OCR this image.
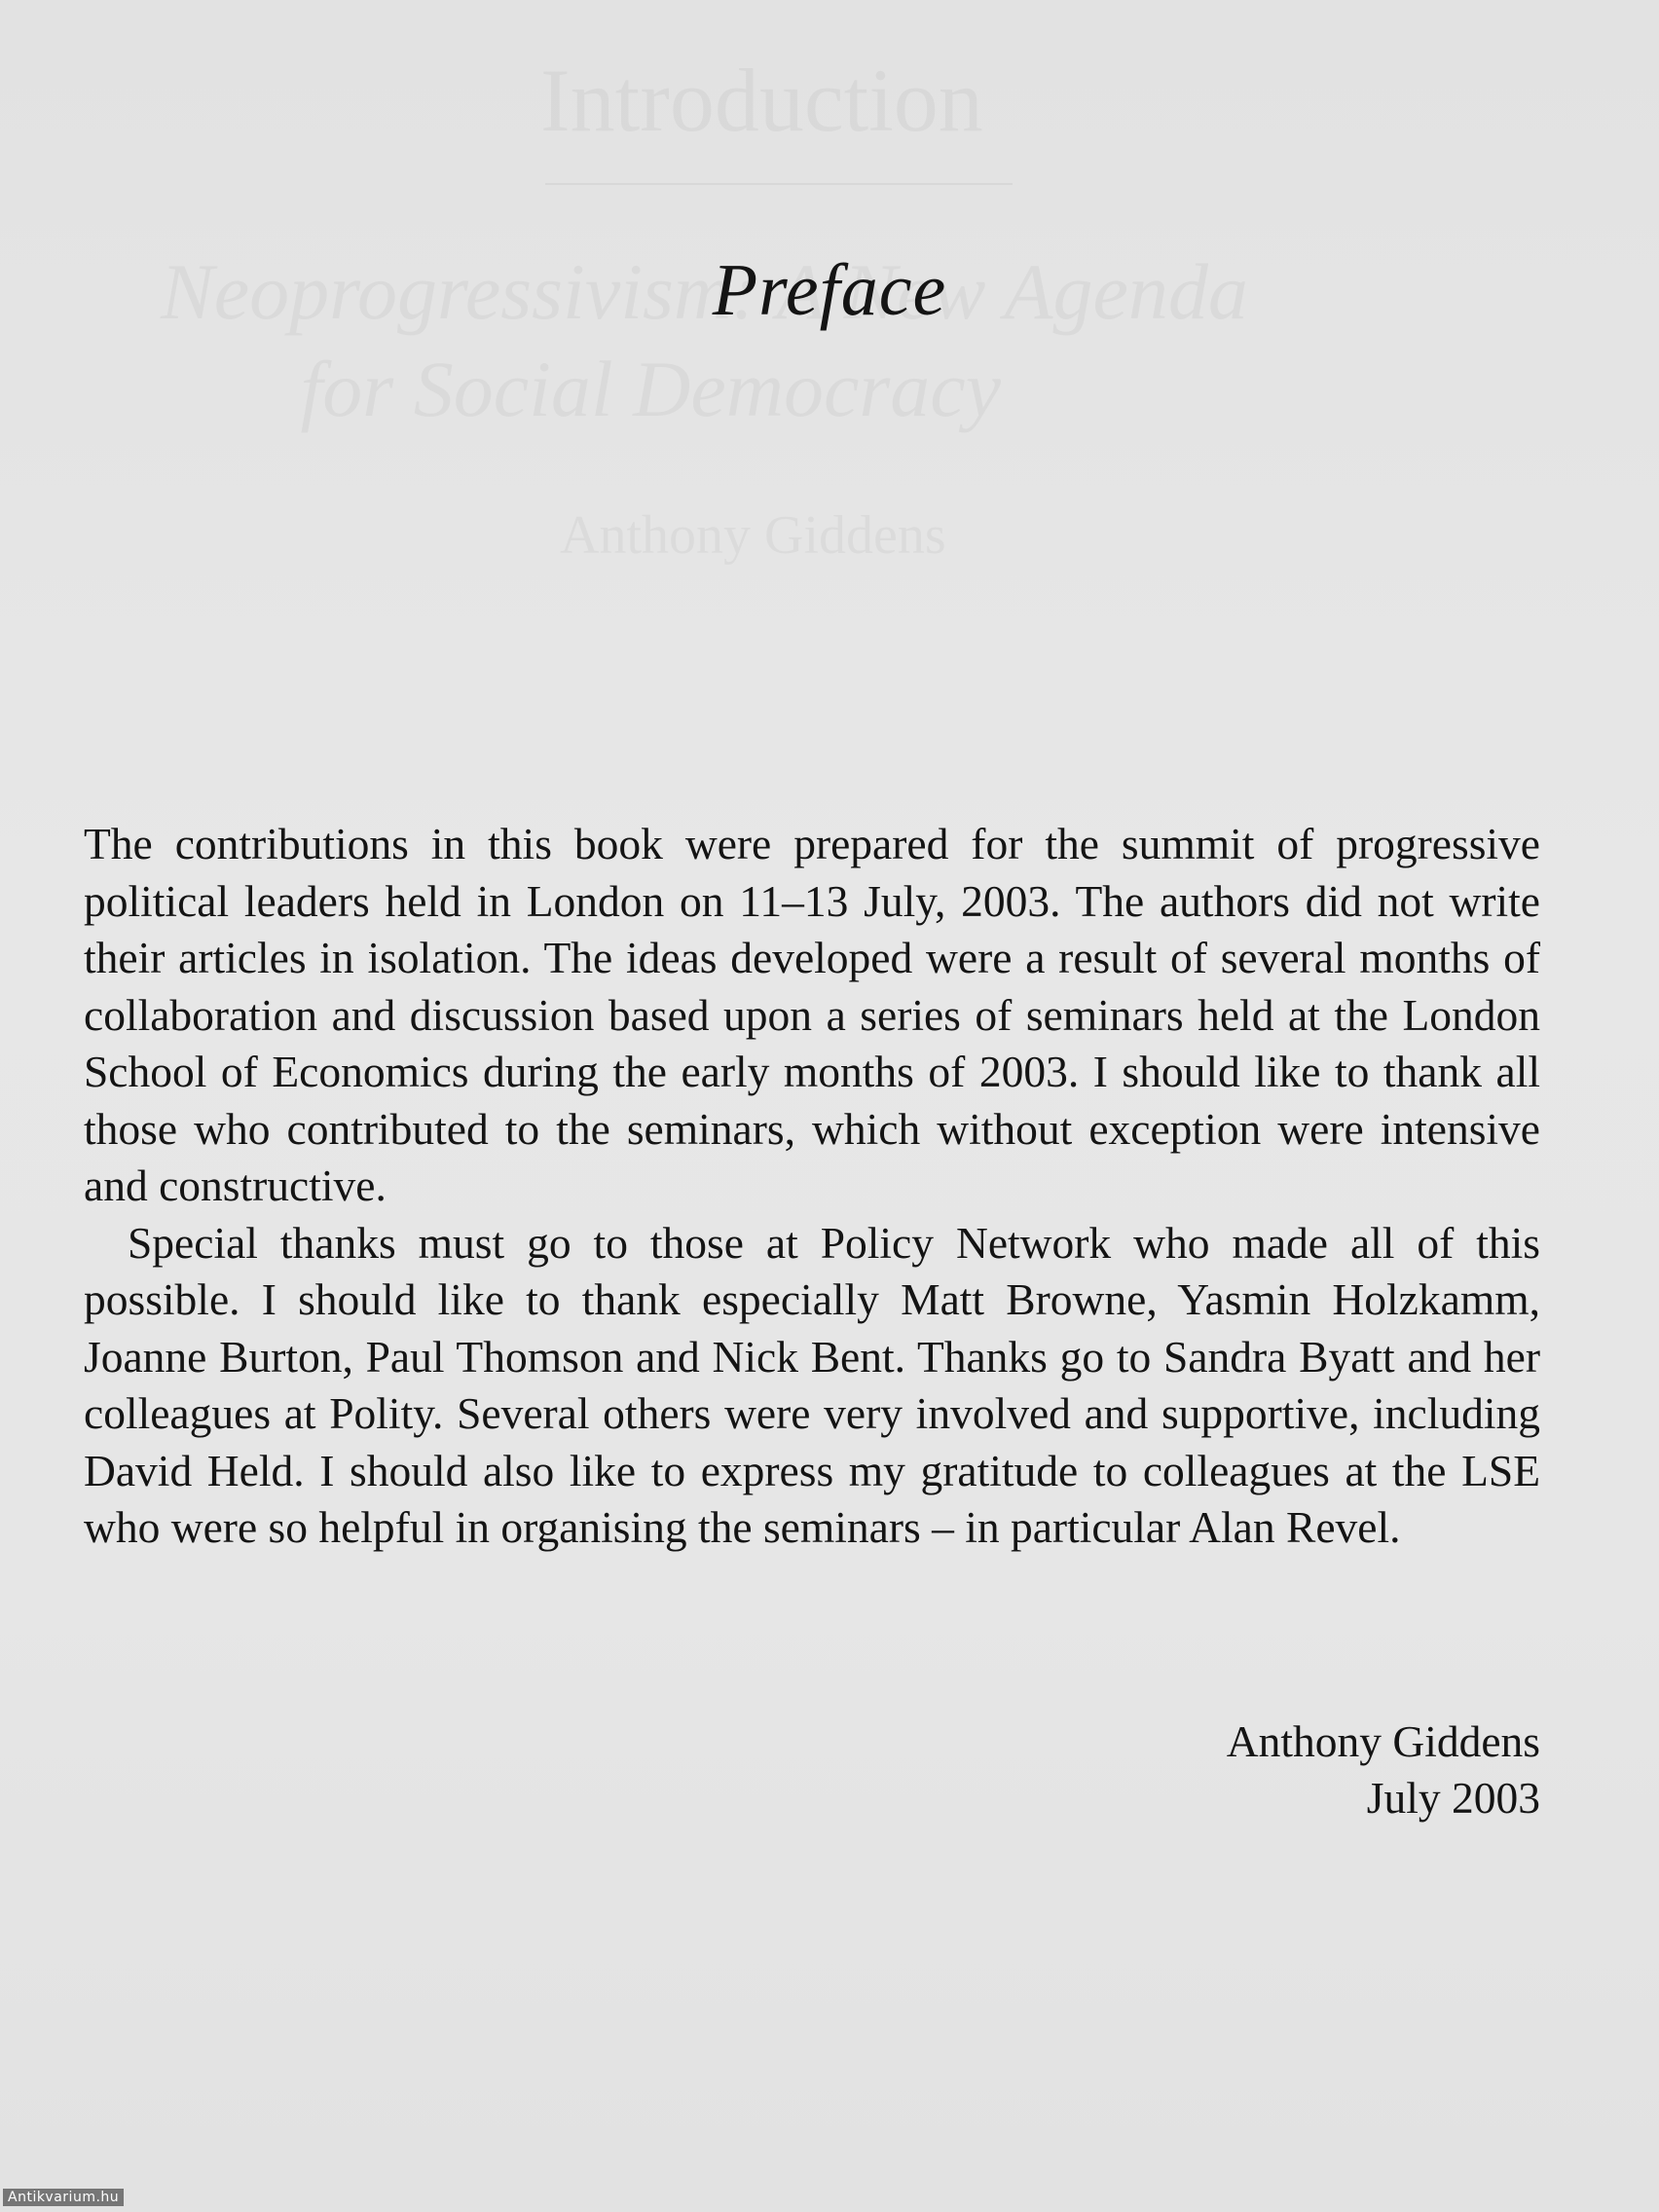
Preface

The contributions in this book were prepared for the summit of progressive political leaders held in London on 11–13 July, 2003. The authors did not write their articles in isolation. The ideas developed were a result of several months of collaboration and discussion based upon a series of seminars held at the London School of Economics during the early months of 2003. I should like to thank all those who contributed to the seminars, which without exception were intensive and constructive.

Special thanks must go to those at Policy Network who made all of this possible. I should like to thank especially Matt Browne, Yasmin Holzkamm, Joanne Burton, Paul Thomson and Nick Bent. Thanks go to Sandra Byatt and her colleagues at Polity. Several others were very involved and supportive, including David Held. I should also like to express my gratitude to colleagues at the LSE who were so helpful in organising the seminars – in particular Alan Revel.

Anthony Giddens
July 2003
Antikvarium.hu
